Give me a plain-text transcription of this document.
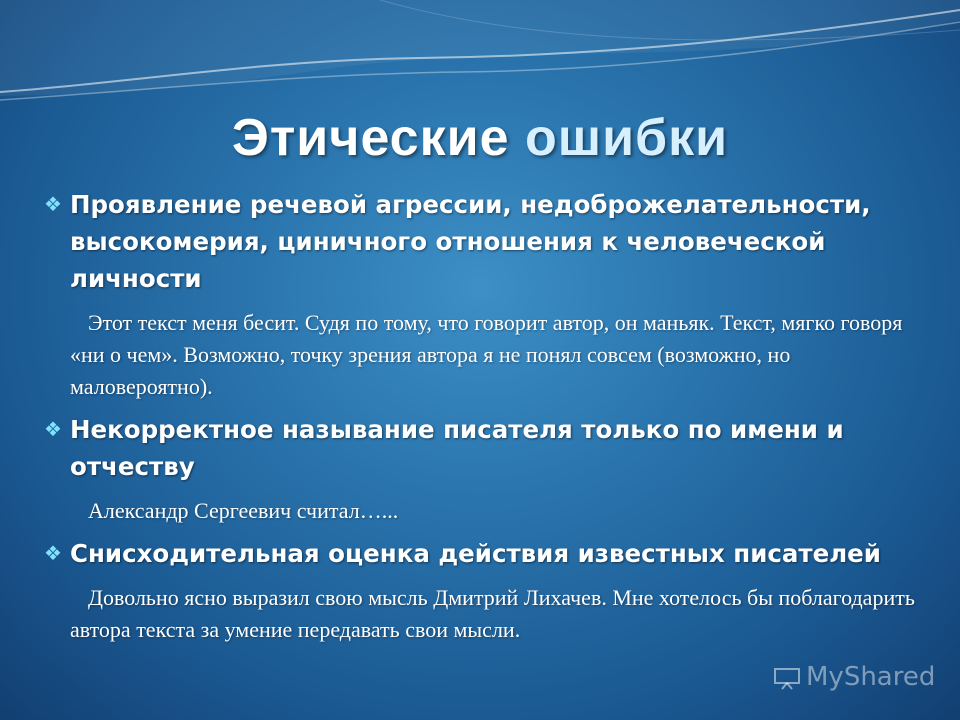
Этические ошибки
❖ Проявление речевой агрессии, недоброжелательности, высокомерия, циничного отношения к человеческой личности
Этот текст меня бесит. Судя по тому, что говорит автор, он маньяк. Текст, мягко говоря «ни о чем». Возможно, точку зрения автора я не понял совсем (возможно, но маловероятно).
❖ Некорректное называние писателя только по имени и отчеству
Александр Сергеевич считал…...
❖ Снисходительная оценка действия известных писателей
Довольно ясно выразил свою мысль Дмитрий Лихачев. Мне хотелось бы поблагодарить автора текста за умение передавать свои мысли.
MyShared
